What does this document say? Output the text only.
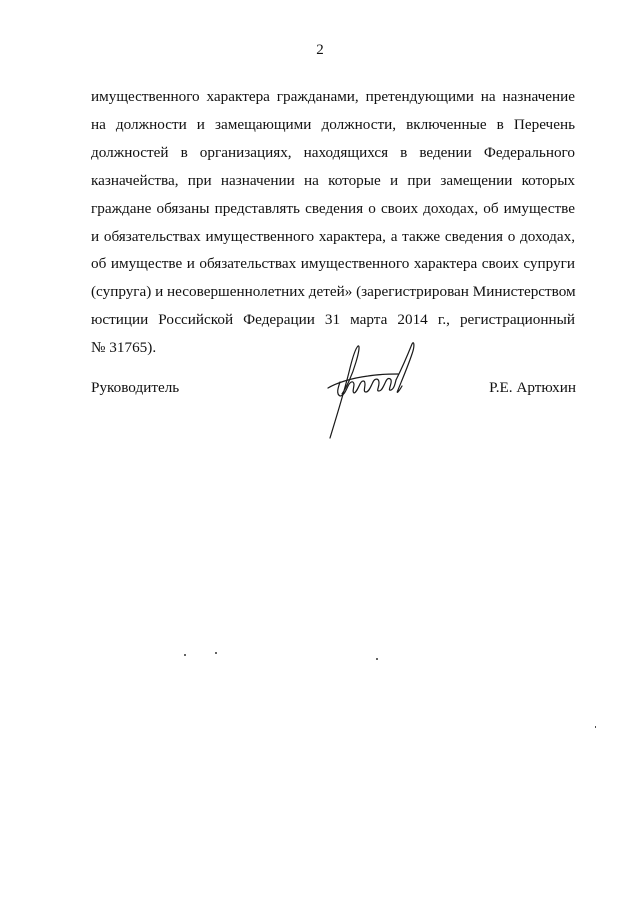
2
имущественного характера гражданами, претендующими на назначение
на должности и замещающими должности, включенные в Перечень
должностей в организациях, находящихся в ведении Федерального
казначейства, при назначении на которые и при замещении которых
граждане обязаны представлять сведения о своих доходах, об имуществе
и обязательствах имущественного характера, а также сведения о доходах,
об имуществе и обязательствах имущественного характера своих супруги
(супруга) и несовершеннолетних детей» (зарегистрирован Министерством
юстиции Российской Федерации 31 марта 2014 г., регистрационный
№ 31765).
Руководитель	Р.Е. Артюхин
